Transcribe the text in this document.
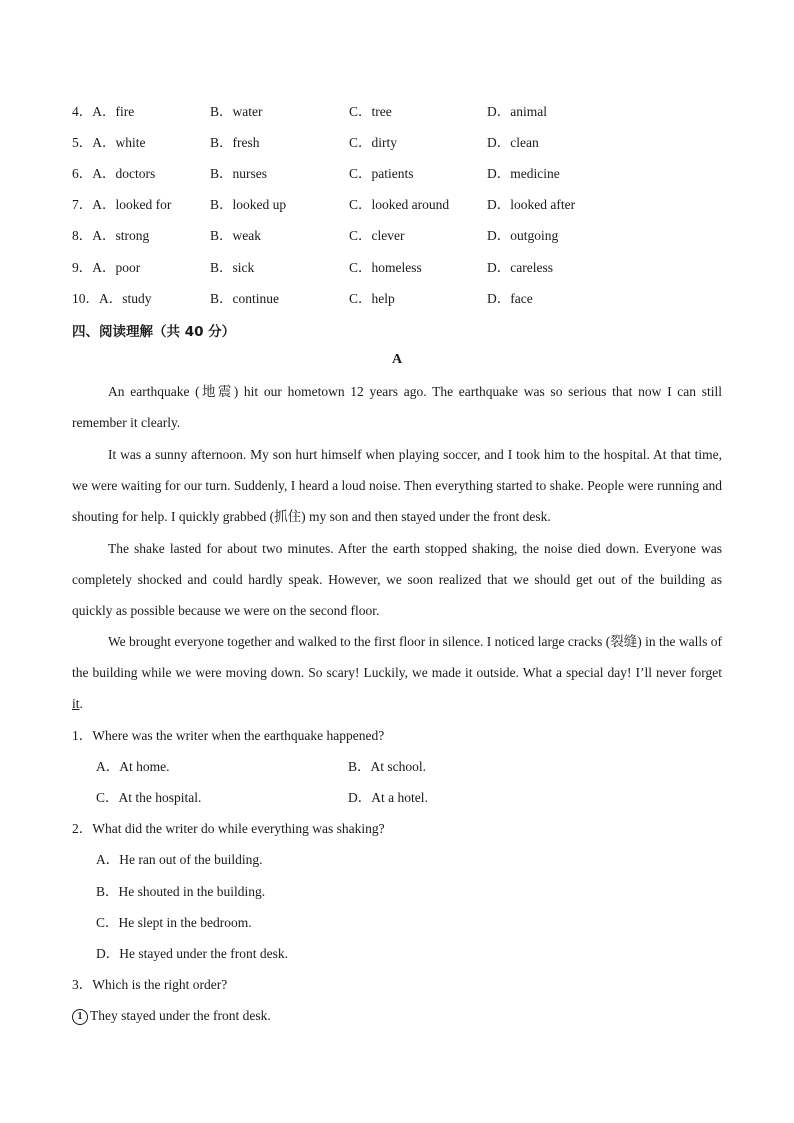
4．A．fire	B．water	C．tree	D．animal
5．A．white	B．fresh	C．dirty	D．clean
6．A．doctors	B．nurses	C．patients	D．medicine
7．A．looked for	B．looked up	C．looked around	D．looked after
8．A．strong	B．weak	C．clever	D．outgoing
9．A．poor	B．sick	C．homeless	D．careless
10．A．study	B．continue	C．help	D．face
四、阅读理解（共 40 分）
A
An earthquake (地震) hit our hometown 12 years ago. The earthquake was so serious that now I can still remember it clearly.
It was a sunny afternoon. My son hurt himself when playing soccer, and I took him to the hospital. At that time, we were waiting for our turn. Suddenly, I heard a loud noise. Then everything started to shake. People were running and shouting for help. I quickly grabbed (抓住) my son and then stayed under the front desk.
The shake lasted for about two minutes. After the earth stopped shaking, the noise died down. Everyone was completely shocked and could hardly speak. However, we soon realized that we should get out of the building as quickly as possible because we were on the second floor.
We brought everyone together and walked to the first floor in silence. I noticed large cracks (裂缝) in the walls of the building while we were moving down. So scary! Luckily, we made it outside. What a special day! I’ll never forget it.
1．Where was the writer when the earthquake happened?
A．At home.	B．At school.
C．At the hospital.	D．At a hotel.
2．What did the writer do while everything was shaking?
A．He ran out of the building.
B．He shouted in the building.
C．He slept in the bedroom.
D．He stayed under the front desk.
3．Which is the right order?
1 They stayed under the front desk.
